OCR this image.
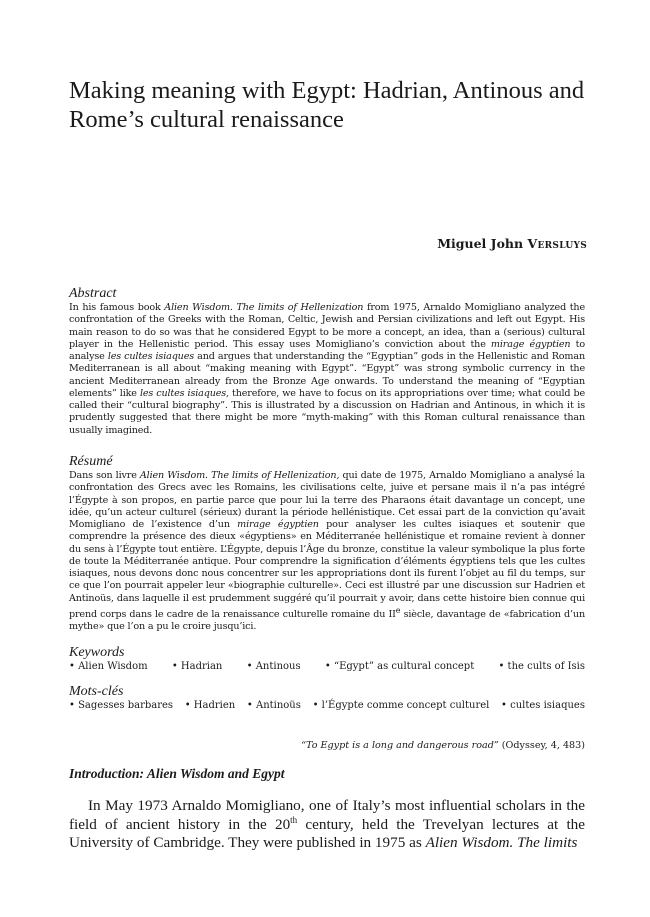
Making meaning with Egypt: Hadrian, Antinous and Rome’s cultural renaissance

Miguel John Versluys

Abstract

In his famous book Alien Wisdom. The limits of Hellenization from 1975, Arnaldo Momigliano analyzed the confrontation of the Greeks with the Roman, Celtic, Jewish and Persian civilizations and left out Egypt. His main reason to do so was that he considered Egypt to be more a concept, an idea, than a (serious) cultural player in the Hellenistic period. This essay uses Momigliano’s conviction about the mirage égyptien to analyse les cultes isiaques and argues that understanding the “Egyptian” gods in the Hellenistic and Roman Mediterranean is all about “making meaning with Egypt”. “Egypt” was strong symbolic currency in the ancient Mediterranean already from the Bronze Age onwards. To understand the meaning of “Egyptian elements” like les cultes isiaques, therefore, we have to focus on its appropriations over time; what could be called their “cultural biography”. This is illustrated by a discussion on Hadrian and Antinous, in which it is prudently suggested that there might be more “myth-making” with this Roman cultural renaissance than usually imagined.

Résumé

Dans son livre Alien Wisdom. The limits of Hellenization, qui date de 1975, Arnaldo Momigliano a analysé la confrontation des Grecs avec les Romains, les civilisations celte, juive et persane mais il n’a pas intégré l’Égypte à son propos, en partie parce que pour lui la terre des Pharaons était davantage un concept, une idée, qu’un acteur culturel (sérieux) durant la période hellénistique. Cet essai part de la conviction qu’avait Momigliano de l’existence d’un mirage égyptien pour analyser les cultes isiaques et soutenir que comprendre la présence des dieux «égyptiens» en Méditerranée hellénistique et romaine revient à donner du sens à l’Égypte tout entière. L’Égypte, depuis l’Âge du bronze, constitue la valeur symbolique la plus forte de toute la Méditerranée antique. Pour comprendre la signification d’éléments égyptiens tels que les cultes isiaques, nous devons donc nous concentrer sur les appropriations dont ils furent l’objet au fil du temps, sur ce que l’on pourrait appeler leur «biographie culturelle». Ceci est illustré par une discussion sur Hadrien et Antinoüs, dans laquelle il est prudemment suggéré qu’il pourrait y avoir, dans cette histoire bien connue qui prend corps dans le cadre de la renaissance culturelle romaine du IIe siècle, davantage de «fabrication d’un mythe» que l’on a pu le croire jusqu’ici.

Keywords

• Alien Wisdom • Hadrian • Antinous • “Egypt” as cultural concept • the cults of Isis

Mots-clés

• Sagesses barbares • Hadrien • Antinoüs • l’Égypte comme concept culturel • cultes isiaques

“To Egypt is a long and dangerous road” (Odyssey, 4, 483)

Introduction: Alien Wisdom and Egypt

In May 1973 Arnaldo Momigliano, one of Italy’s most influential scholars in the field of ancient history in the 20th century, held the Trevelyan lectures at the University of Cambridge. They were published in 1975 as Alien Wisdom. The limits
